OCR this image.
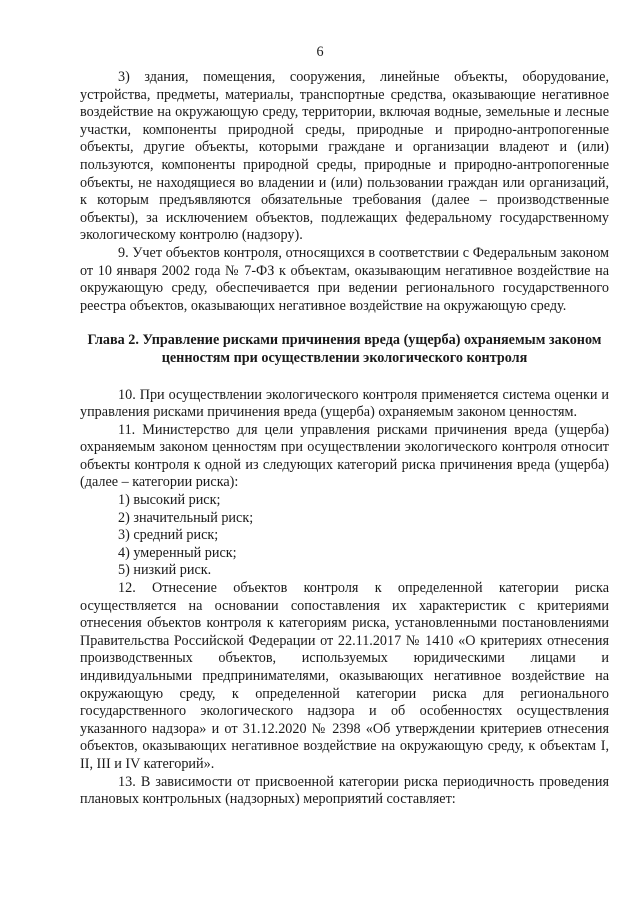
6

3) здания, помещения, сооружения, линейные объекты, оборудование, устройства, предметы, материалы, транспортные средства, оказывающие негативное воздействие на окружающую среду, территории, включая водные, земельные и лесные участки, компоненты природной среды, природные и природно-антропогенные объекты, другие объекты, которыми граждане и организации владеют и (или) пользуются, компоненты природной среды, природные и природно-антропогенные объекты, не находящиеся во владении и (или) пользовании граждан или организаций, к которым предъявляются обязательные требования (далее – производственные объекты), за исключением объектов, подлежащих федеральному государственному экологическому контролю (надзору).

9. Учет объектов контроля, относящихся в соответствии с Федеральным законом от 10 января 2002 года № 7-ФЗ к объектам, оказывающим негативное воздействие на окружающую среду, обеспечивается при ведении регионального государственного реестра объектов, оказывающих негативное воздействие на окружающую среду.

Глава 2. Управление рисками причинения вреда (ущерба) охраняемым законом ценностям при осуществлении экологического контроля

10. При осуществлении экологического контроля применяется система оценки и управления рисками причинения вреда (ущерба) охраняемым законом ценностям.

11. Министерство для цели управления рисками причинения вреда (ущерба) охраняемым законом ценностям при осуществлении экологического контроля относит объекты контроля к одной из следующих категорий риска причинения вреда (ущерба) (далее – категории риска):

1) высокий риск;

2) значительный риск;

3) средний риск;

4) умеренный риск;

5) низкий риск.

12. Отнесение объектов контроля к определенной категории риска осуществляется на основании сопоставления их характеристик с критериями отнесения объектов контроля к категориям риска, установленными постановлениями Правительства Российской Федерации от 22.11.2017 № 1410 «О критериях отнесения производственных объектов, используемых юридическими лицами и индивидуальными предпринимателями, оказывающих негативное воздействие на окружающую среду, к определенной категории риска для регионального государственного экологического надзора и об особенностях осуществления указанного надзора» и от 31.12.2020 № 2398 «Об утверждении критериев отнесения объектов, оказывающих негативное воздействие на окружающую среду, к объектам I, II, III и IV категорий».

13. В зависимости от присвоенной категории риска периодичность проведения плановых контрольных (надзорных) мероприятий составляет:
